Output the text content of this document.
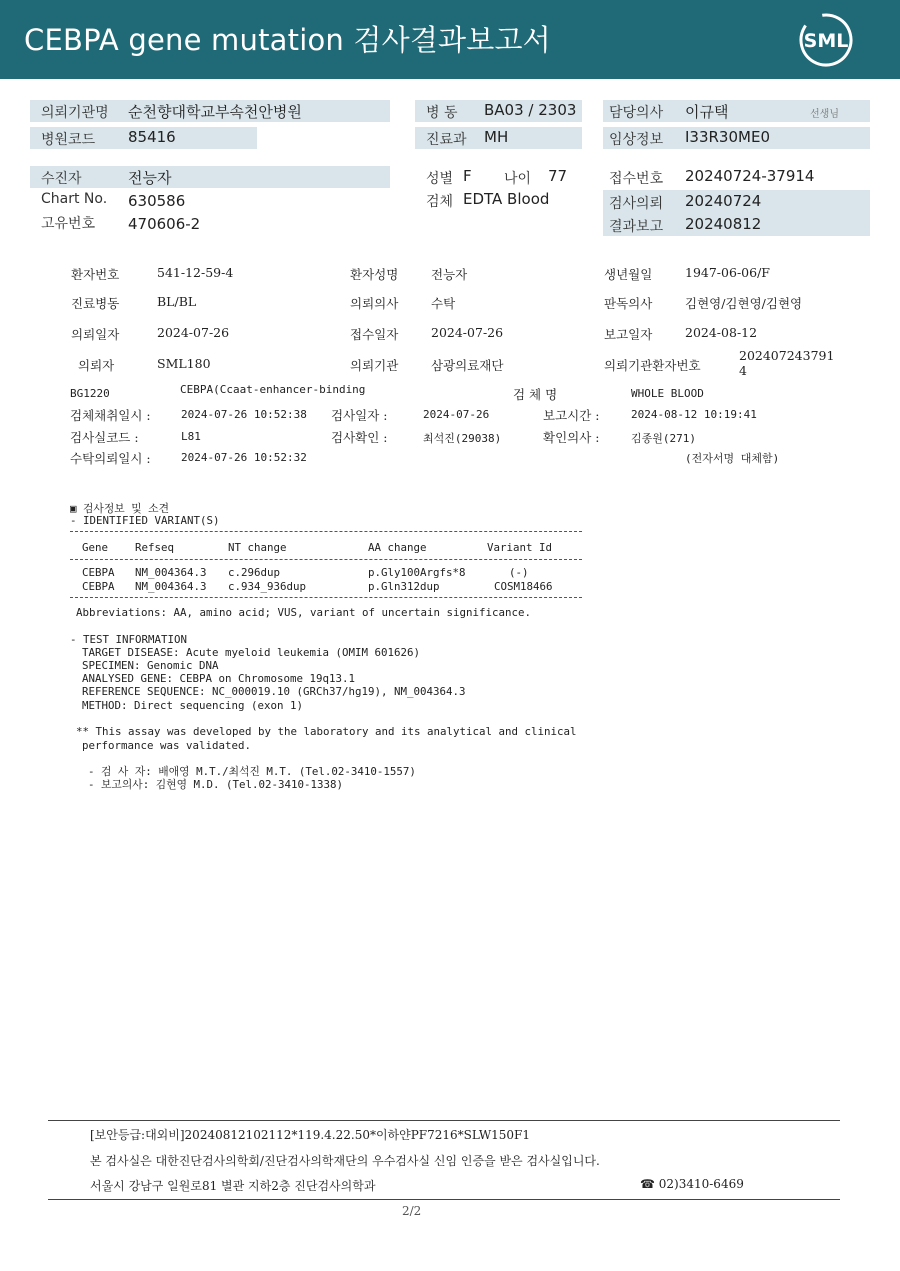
CEBPA gene mutation 검사결과보고서	SML
의뢰기관명 순천향대학교부속천안병원
병원코드 85416
병 동 BA03 / 2303
진료과 MH
담당의사 이규택	선생님
임상정보 I33R30ME0
수진자	전능자
Chart No. 630586
고유번호 470606-2
성별 F 나이 77
검체 EDTA Blood
접수번호 20240724-37914
검사의뢰 20240724
결과보고 20240812
환자번호	541-12-59-4	환자성명	전능자	생년월일	1947-06-06/F
진료병동	BL/BL	의뢰의사	수탁	판독의사	김현영/김현영/김현영
의뢰일자	2024-07-26	접수일자	2024-07-26	보고일자	2024-08-12
의뢰자	SML180	의뢰기관	삼광의료재단	의뢰기관환자번호
202407243791
4
BG1220	CEBPA(Ccaat-enhancer-binding	검 체 명	WHOLE BLOOD
검체채취일시 :	2024-07-26 10:52:38 검사일자 :	2024-07-26	보고시간 :	2024-08-12 10:19:41
검사실코드 :	L81	검사확인 :	최석진(29038)	확인의사 :	김종원(271)
수탁의뢰일시 :	2024-07-26 10:52:32	(전자서명 대체함)
▣ 검사정보 및 소견
- IDENTIFIED VARIANT(S)
Gene Refseq	NT change	AA change	Variant Id
CEBPA NM_004364.3 c.296dup	p.Gly100Argfs*8	(-)
CEBPA NM_004364.3 c.934_936dup	p.Gln312dup	COSM18466
Abbreviations: AA, amino acid; VUS, variant of uncertain significance.
- TEST INFORMATION
TARGET DISEASE: Acute myeloid leukemia (OMIM 601626)
SPECIMEN: Genomic DNA
ANALYSED GENE: CEBPA on Chromosome 19q13.1
REFERENCE SEQUENCE: NC_000019.10 (GRCh37/hg19), NM_004364.3
METHOD: Direct sequencing (exon 1)
** This assay was developed by the laboratory and its analytical and clinical
performance was validated.
- 검 사 자: 배애영 M.T./최석진 M.T. (Tel.02-3410-1557)
- 보고의사: 김현영 M.D. (Tel.02-3410-1338)
[보안등급:대외비]20240812102112*119.4.22.50*이하얀PF7216*SLW150F1
본 검사실은 대한진단검사의학회/진단검사의학재단의 우수검사실 신임 인증을 받은 검사실입니다.
서울시 강남구 일원로81 별관 지하2층 진단검사의학과	☎ 02)3410-6469
2/2
